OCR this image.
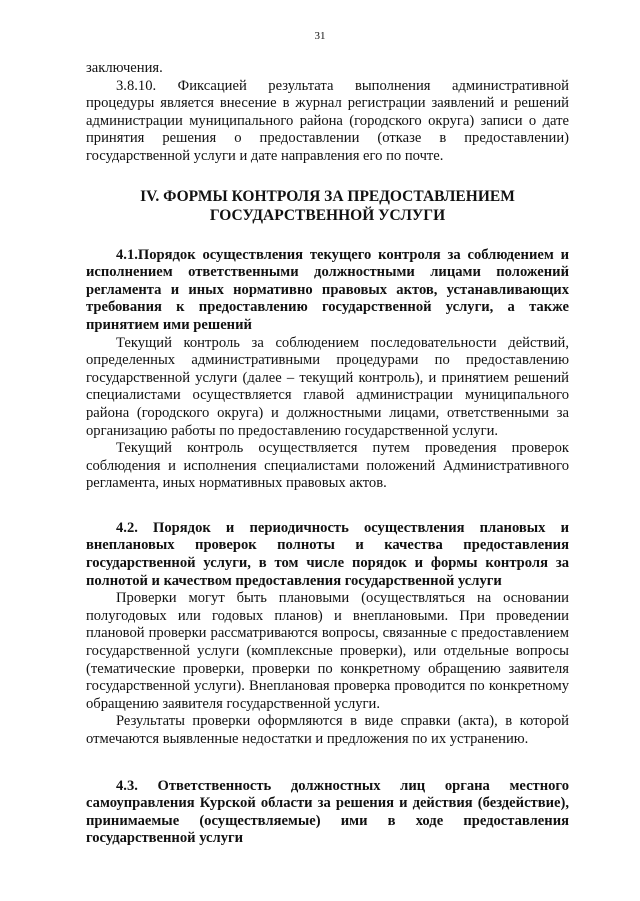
31

заключения.

3.8.10. Фиксацией результата выполнения административной процедуры является внесение в журнал регистрации заявлений и решений администрации муниципального района (городского округа) записи о дате принятия решения о предоставлении (отказе в предоставлении) государственной услуги и дате направления его по почте.

IV. ФОРМЫ КОНТРОЛЯ ЗА ПРЕДОСТАВЛЕНИЕМ ГОСУДАРСТВЕННОЙ УСЛУГИ

4.1.Порядок осуществления текущего контроля за соблюдением и исполнением ответственными должностными лицами положений регламента и иных нормативно правовых актов, устанавливающих требования к предоставлению государственной услуги, а также принятием ими решений

Текущий контроль за соблюдением последовательности действий, определенных административными процедурами по предоставлению государственной услуги (далее – текущий контроль), и принятием решений специалистами осуществляется главой администрации муниципального района (городского округа) и должностными лицами, ответственными за организацию работы по предоставлению государственной услуги.

Текущий контроль осуществляется путем проведения проверок соблюдения и исполнения специалистами положений Административного регламента, иных нормативных правовых актов.

4.2. Порядок и периодичность осуществления плановых и внеплановых проверок полноты и качества предоставления государственной услуги, в том числе порядок и формы контроля за полнотой и качеством предоставления государственной услуги

Проверки могут быть плановыми (осуществляться на основании полугодовых или годовых планов) и внеплановыми. При проведении плановой проверки рассматриваются вопросы, связанные с предоставлением государственной услуги (комплексные проверки), или отдельные вопросы (тематические проверки, проверки по конкретному обращению заявителя государственной услуги). Внеплановая проверка проводится по конкретному обращению заявителя государственной услуги.

Результаты проверки оформляются в виде справки (акта), в которой отмечаются выявленные недостатки и предложения по их устранению.

4.3. Ответственность должностных лиц органа местного самоуправления Курской области за решения и действия (бездействие), принимаемые (осуществляемые) ими в ходе предоставления государственной услуги
